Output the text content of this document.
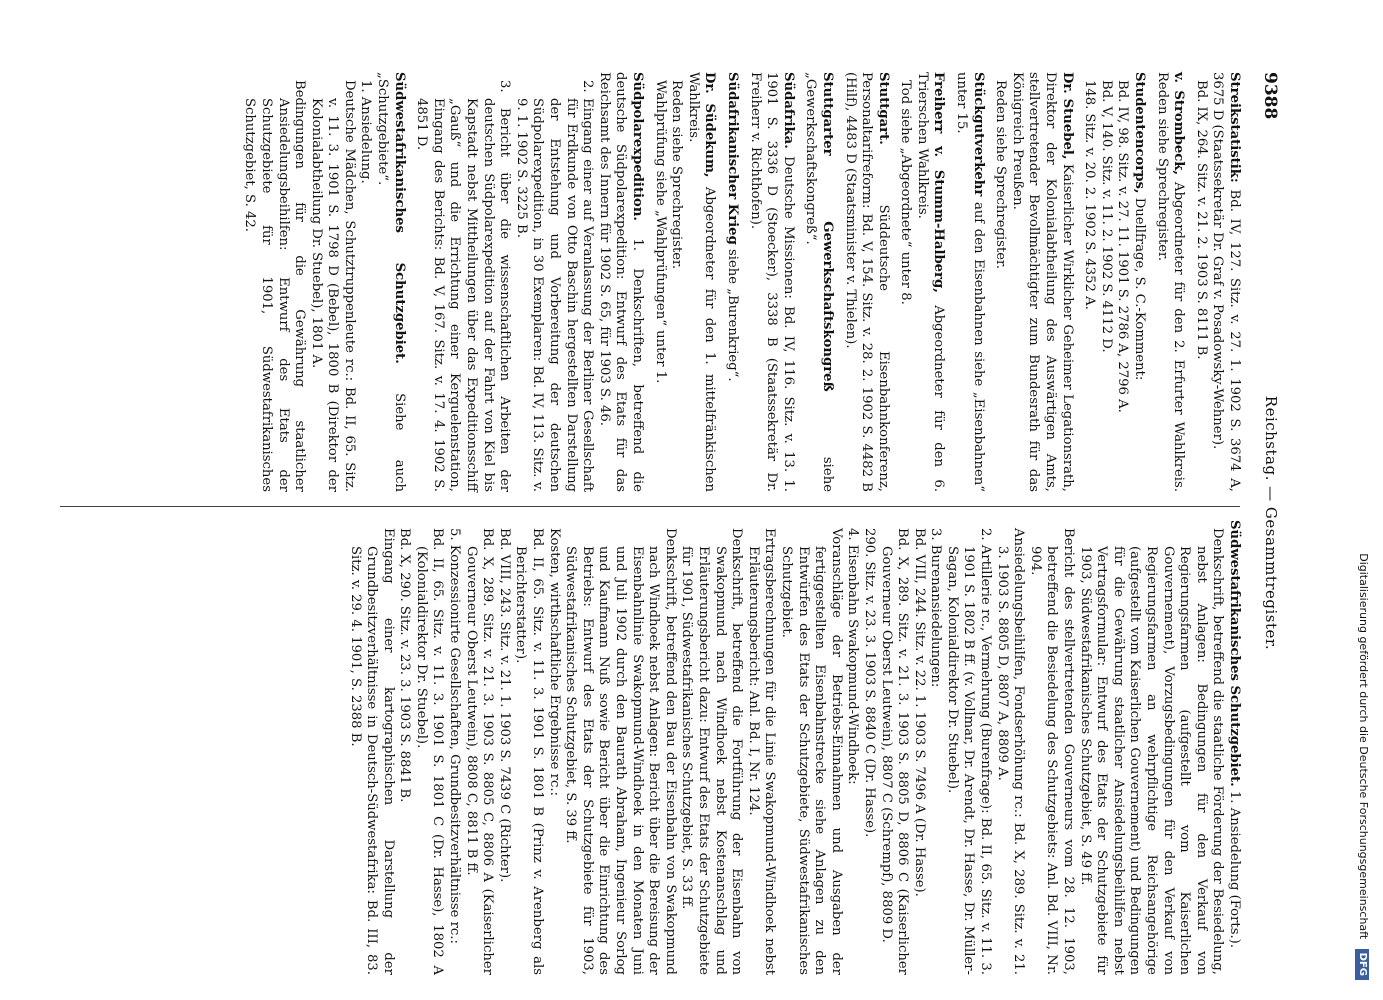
9388
Reichstag. — Gesammtregister.
Streikstatistik: Bd. IV, 127. Sitz. v. 27. 1. 1902 S. 3674 A, 3675 D (Staatssekretär Dr. Graf v. Posadowsky-Wehner).

Bd. IX, 264. Sitz. v. 21. 2. 1903 S. 8111 B.

v. Strombeck, Abgeordneter für den 2. Erfurter Wahlkreis. Reden siehe Sprechregister.
Studentencorps, Duellfrage, S. C.-Komment:

Bd. IV, 98. Sitz. v. 27. 11. 1901 S. 2786 A, 2796 A.

Bd. V, 140. Sitz. v. 11. 2. 1902 S. 4112 D.

148. Sitz. v. 20. 2. 1902 S. 4352 A.

Dr. Stuebel, Kaiserlicher Wirklicher Geheimer Legationsrath, Direktor der Kolonialabtheilung des Auswärtigen Amts, stellvertretender Bevollmächtigter zum Bundesrath für das Königreich Preußen.

Reden siehe Sprechregister.

Stückgutverkehr auf den Eisenbahnen siehe „Eisenbahnen“ unter 15.
Freiherr v. Stumm-Halberg, Abgeordneter für den 6. Trierschen Wahlkreis.

Tod siehe „Abgeordnete“ unter 8.

Stuttgart. Süddeutsche Eisenbahnkonferenz, Personaltarifreform: Bd. V, 154. Sitz. v. 28. 2. 1902 S. 4482 B (Hilf), 4483 D (Staatsminister v. Thielen).
Stuttgarter Gewerkschaftskongreß siehe „Gewerkschaftskongreß“.
Südafrika. Deutsche Missionen: Bd. IV, 116. Sitz. v. 13. 1. 1901 S. 3336 D (Stoecker), 3338 B (Staatssekretär Dr. Freiherr v. Richthofen).
Südafrikanischer Krieg siehe „Burenkrieg“.
Dr. Südekum, Abgeordneter für den 1. mittelfränkischen Wahlkreis.

Reden siehe Sprechregister.

Wahlprüfung siehe „Wahlprüfungen“ unter 1.

Südpolarexpedition. 1. Denkschriften, betreffend die deutsche Südpolarexpedition: Entwurf des Etats für das Reichsamt des Innern für 1902 S. 65, für 1903 S. 46.

2. Eingang einer auf Veranlassung der Berliner Gesellschaft für Erdkunde von Otto Baschin hergestellten Darstellung der Entstehung und Vorbereitung der deutschen Südpolarexpedition, in 30 Exemplaren: Bd. IV, 113. Sitz. v. 9. 1. 1902 S. 3225 B.

3. Bericht über die wissenschaftlichen Arbeiten der deutschen Südpolarexpedition auf der Fahrt von Kiel bis Kapstadt nebst Mittheilungen über das Expeditionsschiff „Gauß“ und die Errichtung einer Kerguelenstation, Eingang des Berichts: Bd. V, 167. Sitz. v. 17. 4. 1902 S. 4851 D.

Südwestafrikanisches Schutzgebiet. Siehe auch „Schutzgebiete“.

1. Ansiedelung.

Deutsche Mädchen, Schutztruppenleute rc.: Bd. II, 65. Sitz. v. 11. 3. 1901 S. 1798 D (Bebel), 1800 B (Direktor der Kolonialabtheilung Dr. Stuebel), 1801 A.

Bedingungen für die Gewährung staatlicher Ansiedelungsbeihilfen: Entwurf des Etats der Schutzgebiete für 1901, Südwestafrikanisches Schutzgebiet, S. 42.

Südwestafrikanisches Schutzgebiet. 1. Ansiedelung (Forts.).

Denkschrift, betreffend die staatliche Förderung der Besiedelung, nebst Anlagen: Bedingungen für den Verkauf von Regierungsfarmen (aufgestellt vom Kaiserlichen Gouvernement), Vorzugsbedingungen für den Verkauf von Regierungsfarmen an wehrpflichtige Reichsangehörige (aufgestellt vom Kaiserlichen Gouvernement) und Bedingungen für die Gewährung staatlicher Ansiedelungsbeihilfen nebst Vertragsformular: Entwurf des Etats der Schutzgebiete für 1903, Südwestafrikanisches Schutzgebiet, S. 49 ff.

Bericht des stellvertretenden Gouverneurs vom 28. 12. 1903, betreffend die Besiedelung des Schutzgebiets: Anl. Bd. VIII, Nr. 904.

Ansiedelungsbeihilfen, Fondserhöhung rc.: Bd. X, 289. Sitz. v. 21. 3. 1903 S. 8805 D, 8807 A, 8809 A.

2. Artillerie rc., Vermehrung (Burenfrage): Bd. II, 65. Sitz. v. 11. 3. 1901 S. 1802 B ff. (v. Vollmar, Dr. Arendt, Dr. Hasse, Dr. Müller-Sagan, Kolonialdirektor Dr. Stuebel).

3. Burenansiedelungen:

Bd. VIII, 244. Sitz. v. 22. 1. 1903 S. 7496 A (Dr. Hasse).

Bd. X, 289. Sitz. v. 21. 3. 1903 S. 8805 D, 8806 C (Kaiserlicher Gouverneur Oberst Leutwein), 8807 C (Schrempf), 8809 D.

290. Sitz. v. 23. 3. 1903 S. 8840 C (Dr. Hasse).

4. Eisenbahn Swakopmund-Windhoek:

Voranschläge der Betriebs-Einnahmen und Ausgaben der fertiggestellten Eisenbahnstrecke siehe Anlagen zu den Entwürfen des Etats der Schutzgebiete, Südwestafrikanisches Schutzgebiet.

Ertragsberechnungen für die Linie Swakopmund-Windhoek nebst Erläuterungsbericht: Anl. Bd. I, Nr. 124.

Denkschrift, betreffend die Fortführung der Eisenbahn von Swakopmund nach Windhoek nebst Kostenanschlag und Erläuterungsbericht dazu: Entwurf des Etats der Schutzgebiete für 1901, Südwestafrikanisches Schutzgebiet, S. 33 ff.

Denkschrift, betreffend den Bau der Eisenbahn von Swakopmund nach Windhoek nebst Anlagen: Bericht über die Bereisung der Eisenbahnlinie Swakopmund-Windhoek in den Monaten Juni und Juli 1902 durch den Baurath Abraham, Ingenieur Sorlog und Kaufmann Nuß sowie Bericht über die Einrichtung des Betriebs: Entwurf des Etats der Schutzgebiete für 1903, Südwestafrikanisches Schutzgebiet, S. 39 ff.

Kosten, wirthschaftliche Ergebnisse rc.:

Bd. II, 65. Sitz. v. 11. 3. 1901 S. 1801 B (Prinz v. Arenberg als Berichterstatter).

Bd. VIII, 243. Sitz. v. 21. 1. 1903 S. 7439 C (Richter).

Bd. X, 289. Sitz. v. 21. 3. 1903 S. 8805 C, 8806 A (Kaiserlicher Gouverneur Oberst Leutwein), 8808 C, 8811 B ff.

5. Konzessionirte Gesellschaften, Grundbesitzverhältnisse rc.:

Bd. II, 65. Sitz. v. 11. 3. 1901 S. 1801 C (Dr. Hasse), 1802 A (Kolonialdirektor Dr. Stuebel).

Bd. X, 290. Sitz. v. 23. 3. 1903 S. 8841 B.

Eingang einer kartographischen Darstellung der Grundbesitzverhältnisse in Deutsch-Südwestafrika: Bd. III, 83. Sitz. v. 29. 4. 1901, S. 2388 B.	Digitalisierung gefördert durch die Deutsche Forschungsgemeinschaft DFG
